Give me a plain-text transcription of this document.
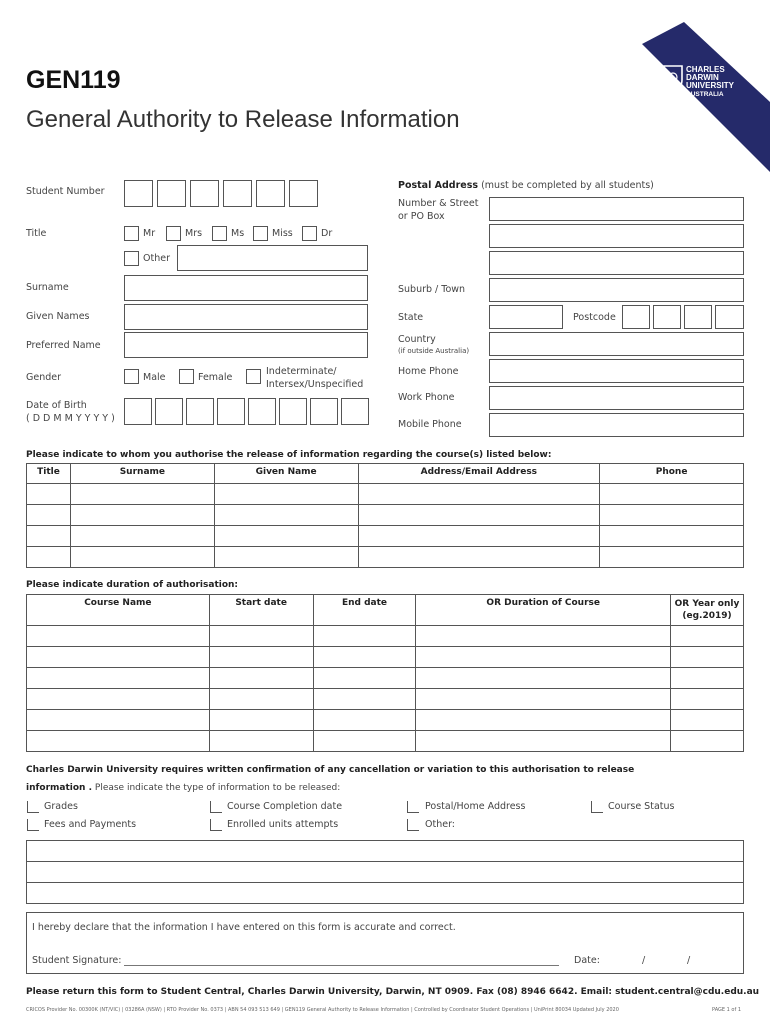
CHARLES
DARWIN
UNIVERSITY
AUSTRALIA
GEN119
General Authority to Release Information
Student Number
Title	Mr	Mrs	Ms	Miss	Dr
Other
Surname
Given Names
Preferred Name
Gender	Male	Female
Indeterminate/
Intersex/Unspecified
Date of Birth
( D D M M Y Y Y Y )
Postal Address (must be completed by all students)
Number & Street
or PO Box
Suburb / Town
State	Postcode
Country
(if outside Australia)
Home Phone
Work Phone
Mobile Phone
Please indicate to whom you authorise the release of information regarding the course(s) listed below:
Title	Surname	Given Name	Address/Email Address	Phone

Please indicate duration of authorisation:
Course Name	Start date	End date	OR Duration of Course	OR Year only
(eg.2019)

Charles Darwin University requires written confirmation of any cancellation or variation to this authorisation to release
information . Please indicate the type of information to be released:
Grades	Course Completion date	Postal/Home Address	Course Status
Fees and Payments	Enrolled units attempts	Other:
I hereby declare that the information I have entered on this form is accurate and correct.
Student Signature:	Date:	/	/
Please return this form to Student Central, Charles Darwin University, Darwin, NT 0909. Fax (08) 8946 6642. Email: student.central@cdu.edu.au
CRICOS Provider No. 00300K (NT/VIC) | 03286A (NSW) | RTO Provider No. 0373 | ABN 54 093 513 649 | GEN119 General Authority to Release Information | Controlled by Coordinator Student Operations | UniPrint 80034 Updated July 2020	PAGE 1 of 1
